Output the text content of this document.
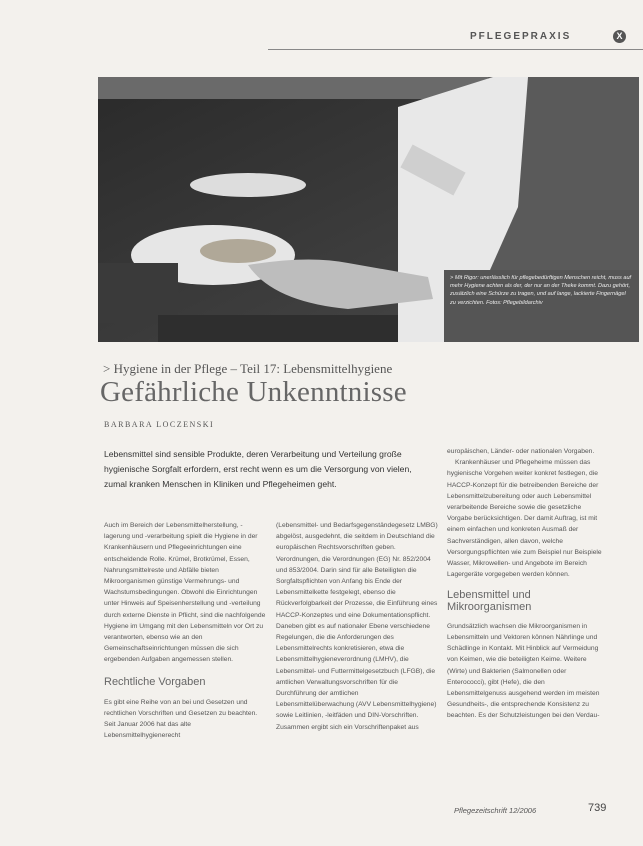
PFLEGEPRAXIS	X
> Mit Rigor: unerlässlich für pflegebedürftigen Menschen reicht, muss auf mehr Hygiene achten als der, der nur an der Theke kommt. Dazu gehört, zusätzlich eine Schürze zu tragen, und auf lange, lackierte Fingernägel zu verzichten. Fotos: Pflegebildarchiv
> Hygiene in der Pflege – Teil 17: Lebensmittelhygiene
Gefährliche Unkenntnisse
BARBARA LOCZENSKI
Lebensmittel sind sensible Produkte, deren Verarbeitung und Verteilung große hygienische Sorgfalt erfordern, erst recht wenn es um die Versorgung von vielen, zumal kranken Menschen in Kliniken und Pflegeheimen geht.
Auch im Bereich der Lebensmittelherstellung, -lagerung und -verarbeitung spielt die Hygiene in der Krankenhäusern und Pflegeeinrichtungen eine entscheidende Rolle. Krümel, Brotkrümel, Essen, Nahrungsmittelreste und Abfälle bieten Mikroorganismen günstige Vermehrungs- und Wachstumsbedingungen. Obwohl die Einrichtungen unter Hinweis auf Speisenherstellung und -verteilung durch externe Dienste in Pflicht, sind die nachfolgende Hygiene im Umgang mit den Lebensmitteln vor Ort zu verantworten, ebenso wie an den Gemeinschaftseinrichtungen müssen die sich ergebenden Aufgaben angemessen stellen.
Rechtliche Vorgaben
Es gibt eine Reihe von an bei und Gesetzen und rechtlichen Vorschriften und Gesetzen zu beachten. Seit Januar 2006 hat das alte Lebensmittelhygienerecht
(Lebensmittel- und Bedarfsgegenständegesetz LMBG) abgelöst, ausgedehnt, die seitdem in Deutschland die europäischen Rechtsvorschriften geben. Verordnungen, die Verordnungen (EG) Nr. 852/2004 und 853/2004. Darin sind für alle Beteiligten die Sorgfaltspflichten von Anfang bis Ende der Lebensmittelkette festgelegt, ebenso die Rückverfolgbarkeit der Prozesse, die Einführung eines HACCP-Konzeptes und eine Dokumentationspflicht. Daneben gibt es auf nationaler Ebene verschiedene Regelungen, die die Anforderungen des Lebensmittelrechts konkretisieren, etwa die Lebensmittelhygieneverordnung (LMHV), die Lebensmittel- und Futtermittelgesetzbuch (LFGB), die amtlichen Verwaltungsvorschriften für die Durchführung der amtlichen Lebensmittelüberwachung (AVV Lebensmittelhygiene) sowie Leitlinien, -leitfäden und DIN-Vorschriften. Zusammen ergibt sich ein Vorschriftenpaket aus
europäischen, Länder- oder nationalen Vorgaben.
Krankenhäuser und Pflegeheime müssen das hygienische Vorgehen weiter konkret festlegen, die HACCP-Konzept für die betreibenden Bereiche der Lebensmittelzubereitung oder auch Lebensmittel verarbeitende Bereiche sowie die gesetzliche Vorgabe berücksichtigen. Der damit Auftrag, ist mit einem einfachen und konkreten Ausmaß der Sachverständigen, allen davon, welche Versorgungspflichten wie zum Beispiel nur Beispiele Wasser, Mikrowellen- und Angebote im Bereich Lagergeräte vorgegeben werden können.
Lebensmittel und Mikroorganismen
Grundsätzlich wachsen die Mikroorganismen in Lebensmitteln und Vektoren können Nährlinge und Schädlinge in Kontakt. Mit Hinblick auf Vermeidung von Keimen, wie die beteiligten Keime. Weitere (Wirte) und Bakterien (Salmonellen oder Enterococci), gibt (Hefe), die den Lebensmittelgenuss ausgehend werden im meisten Gesundheits-, die entsprechende Konsistenz zu beachten. Es der Schutzleistungen bei den Verdau-
Pflegezeitschrift 12/2006	739
